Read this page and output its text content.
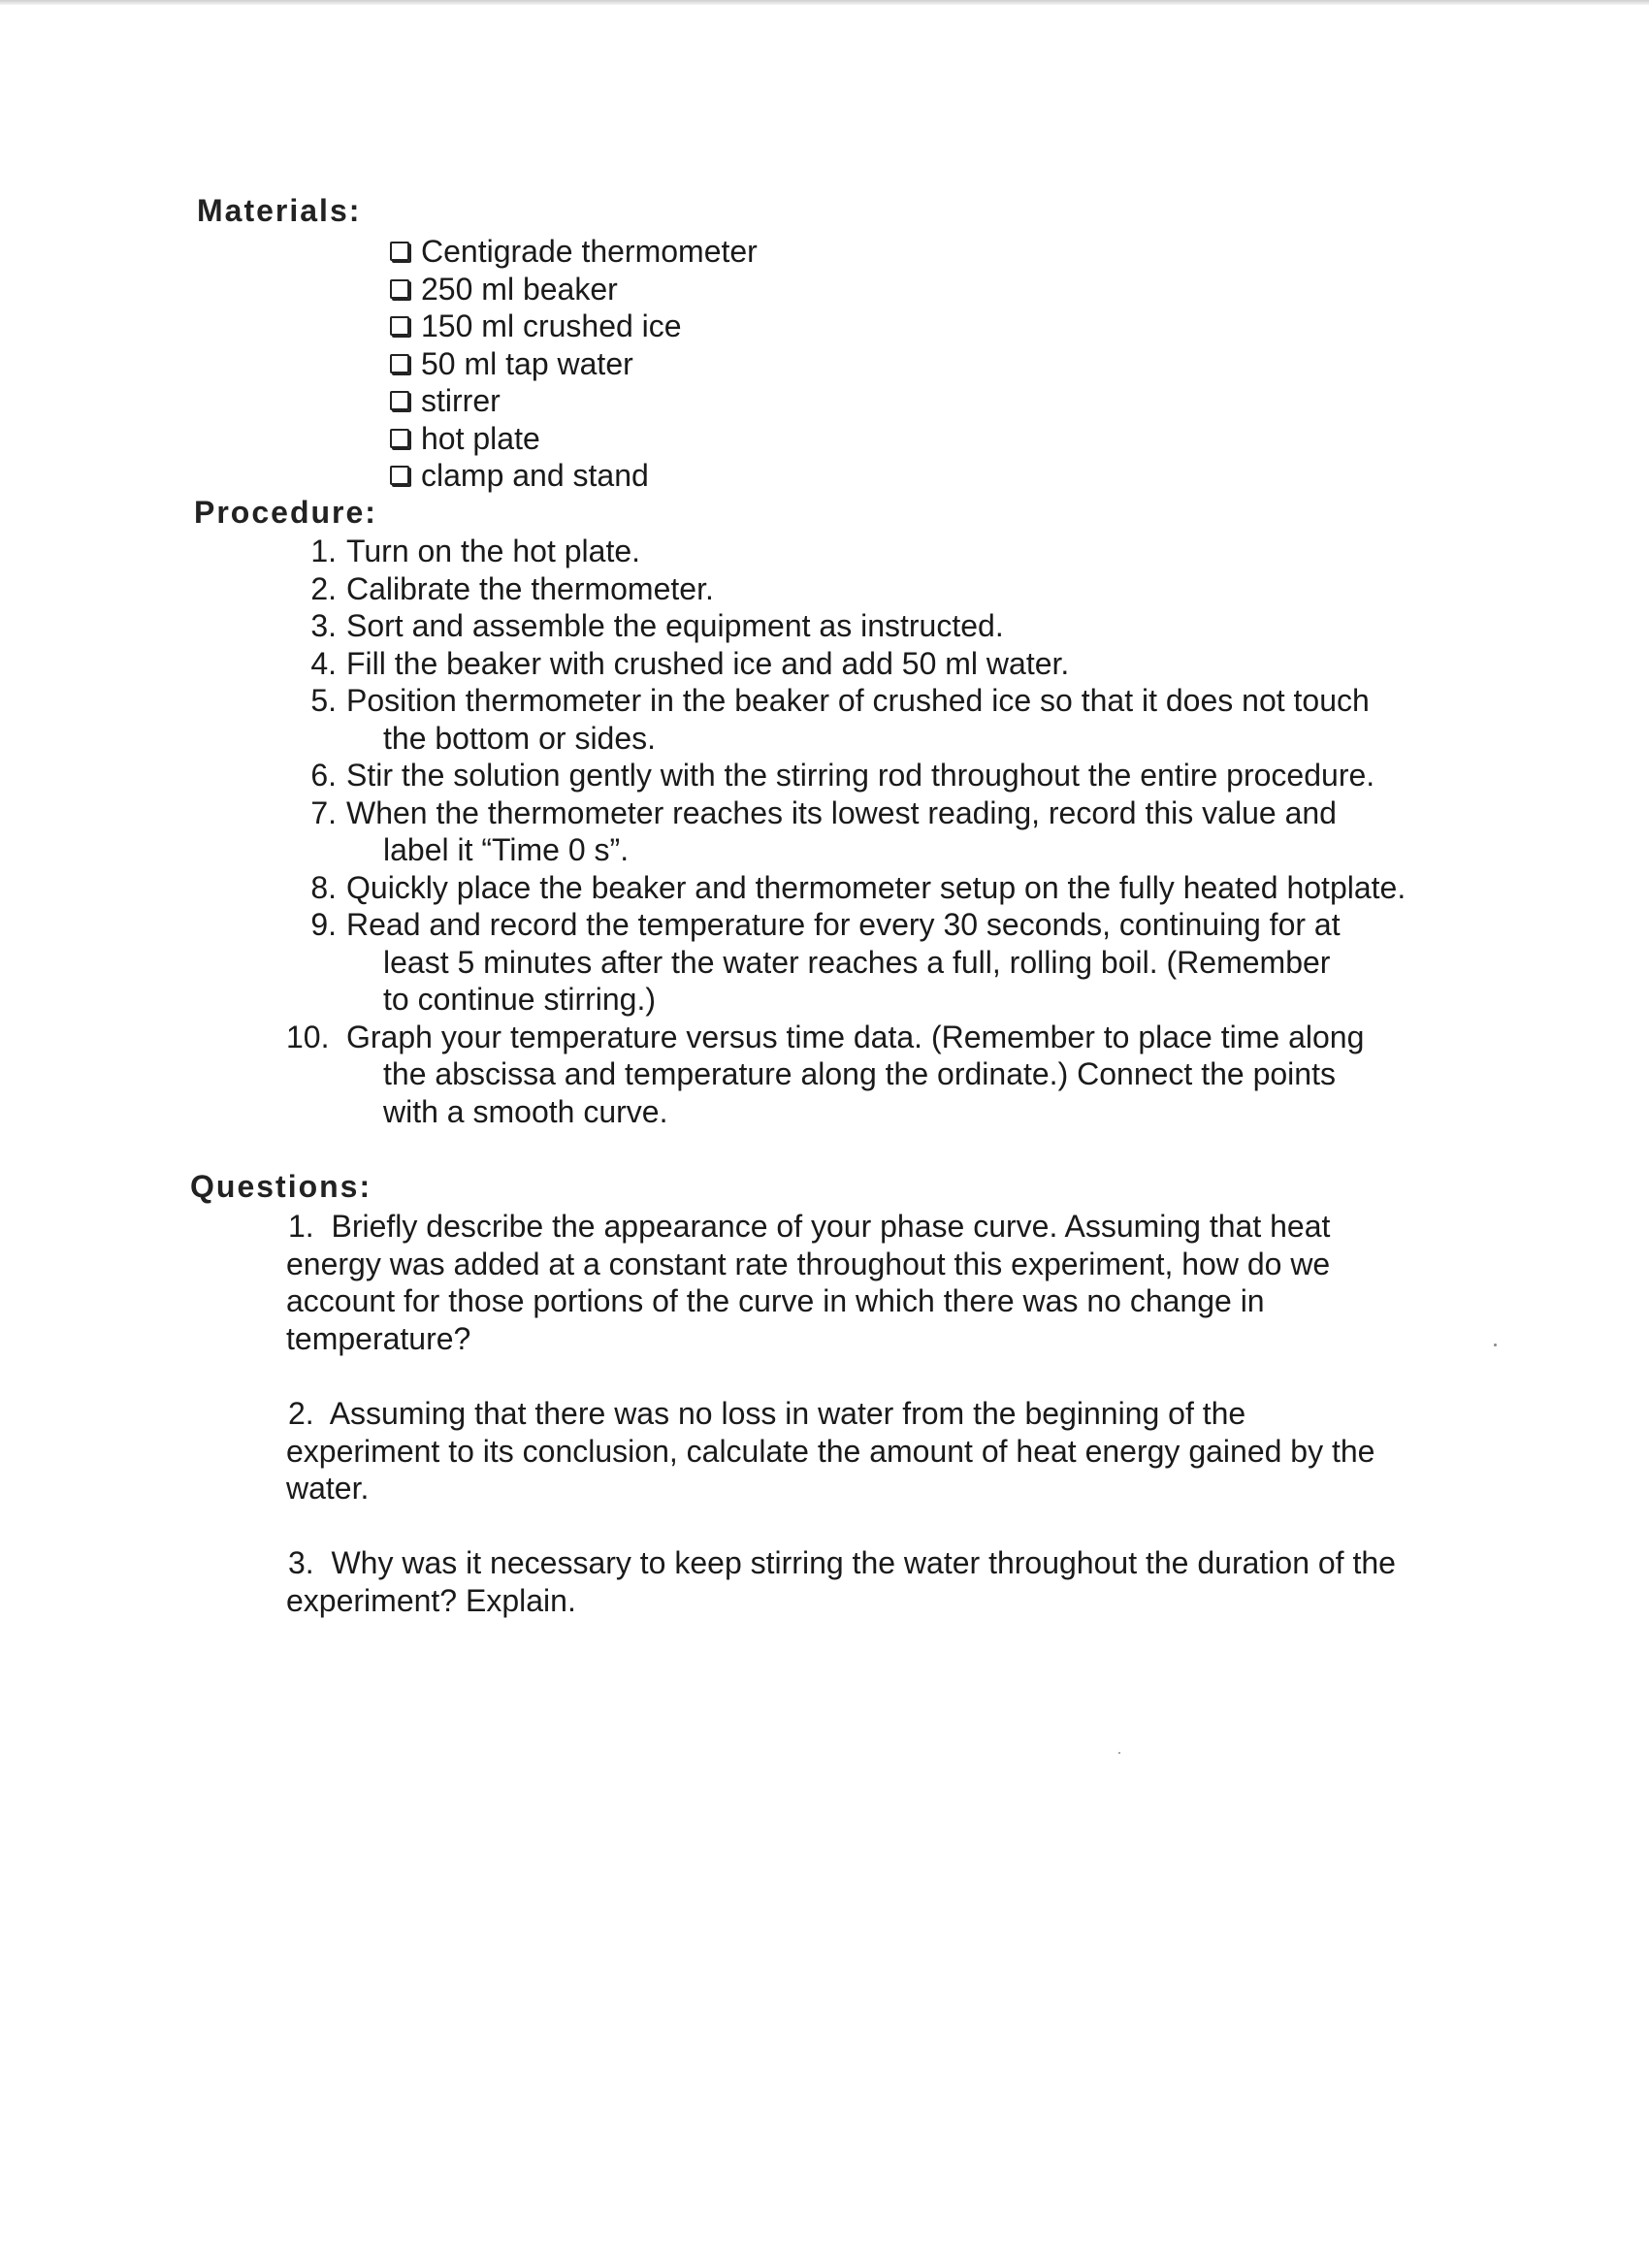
Materials:
Centigrade thermometer
250 ml beaker
150 ml crushed ice
50 ml tap water
stirrer
hot plate
clamp and stand
Procedure:
1. Turn on the hot plate.
2. Calibrate the thermometer.
3. Sort and assemble the equipment as instructed.
4. Fill the beaker with crushed ice and add 50 ml water.
5. Position thermometer in the beaker of crushed ice so that it does not touch
the bottom or sides.
6. Stir the solution gently with the stirring rod throughout the entire procedure.
7. When the thermometer reaches its lowest reading, record this value and
label it “Time 0 s”.
8. Quickly place the beaker and thermometer setup on the fully heated hotplate.
9. Read and record the temperature for every 30 seconds, continuing for at
least 5 minutes after the water reaches a full, rolling boil. (Remember
to continue stirring.)
10. Graph your temperature versus time data. (Remember to place time along
the abscissa and temperature along the ordinate.) Connect the points
with a smooth curve.
Questions:

1. Briefly describe the appearance of your phase curve. Assuming that heat
energy was added at a constant rate throughout this experiment, how do we
account for those portions of the curve in which there was no change in
temperature?

2. Assuming that there was no loss in water from the beginning of the
experiment to its conclusion, calculate the amount of heat energy gained by the
water.

3. Why was it necessary to keep stirring the water throughout the duration of the
experiment? Explain.
